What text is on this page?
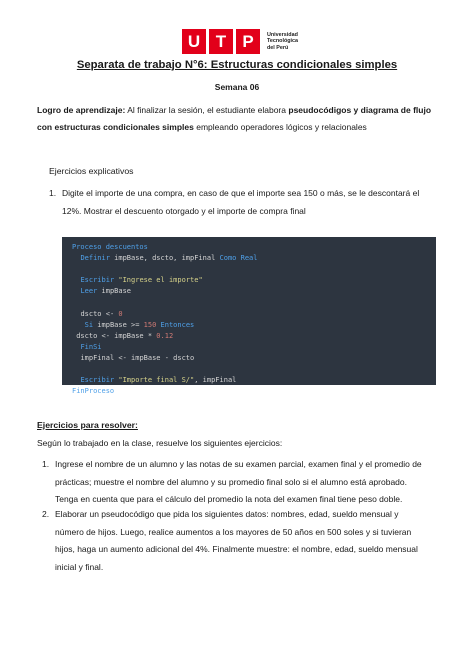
U T P	Universidad
Tecnológica
del Perú
Separata de trabajo N°6: Estructuras condicionales simples
Semana 06
Logro de aprendizaje: Al finalizar la sesión, el estudiante elabora pseudocódigos y diagrama de flujo con estructuras condicionales simples empleando operadores lógicos y relacionales
Ejercicios explicativos
1. Digite el importe de una compra, en caso de que el importe sea 150 o más, se le descontará el
12%. Mostrar el descuento otorgado y el importe de compra final
Proceso descuentos
Definir impBase, dscto, impFinal Como Real

Escribir "Ingrese el importe"
Leer impBase

dscto <- 0
Si impBase >= 150 Entonces
dscto <- impBase * 0.12
FinSi
impFinal <- impBase - dscto

Escribir "Importe final S/", impFinal
FinProceso
Ejercicios para resolver:
Según lo trabajado en la clase, resuelve los siguientes ejercicios:
1. Ingrese el nombre de un alumno y las notas de su examen parcial, examen final y el promedio de
prácticas; muestre el nombre del alumno y su promedio final solo si el alumno está aprobado.
Tenga en cuenta que para el cálculo del promedio la nota del examen final tiene peso doble.
2. Elaborar un pseudocódigo que pida los siguientes datos: nombres, edad, sueldo mensual y
número de hijos. Luego, realice aumentos a los mayores de 50 años en 500 soles y si tuvieran
hijos, haga un aumento adicional del 4%. Finalmente muestre: el nombre, edad, sueldo mensual
inicial y final.
